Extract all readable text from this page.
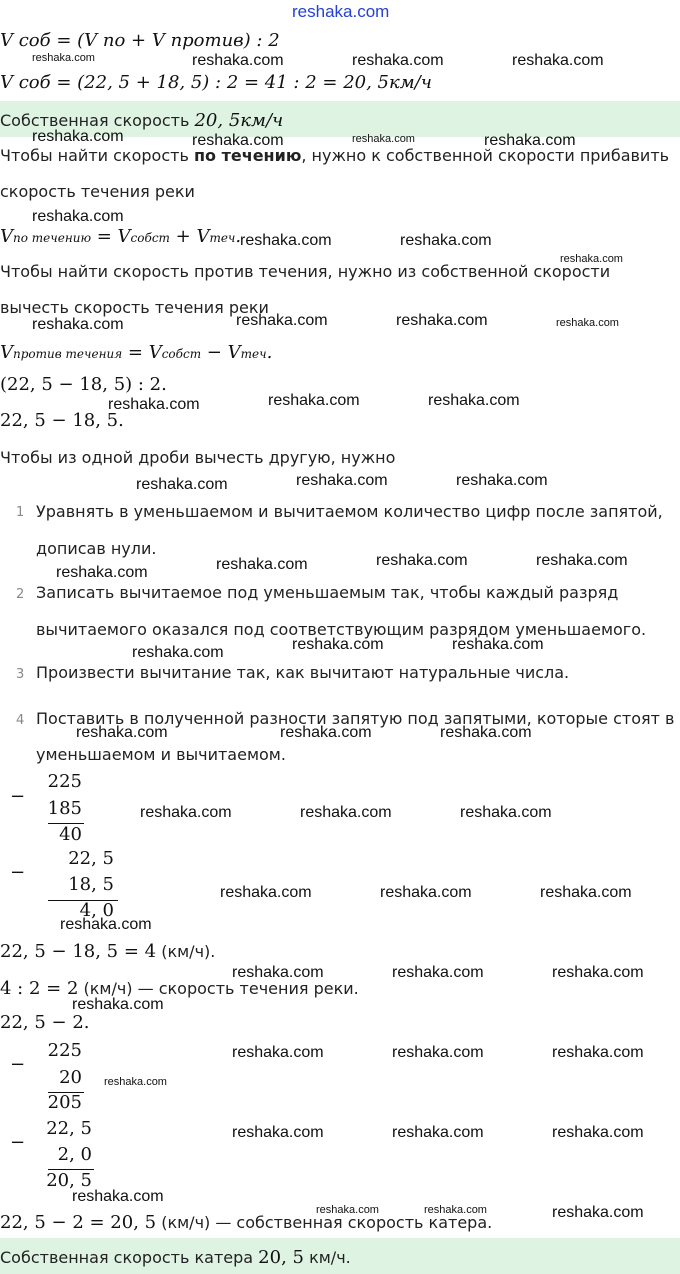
reshaka.com
V соб = (V по + V против) : 2
V соб = (22, 5 + 18, 5) : 2 = 41 : 2 = 20, 5км/ч
Собственная скорость 20, 5км/ч
Чтобы найти скорость по течению, нужно к собственной скорости прибавить
скорость течения реки
Vпо течению = Vсобст + Vтеч.
Чтобы найти скорость против течения, нужно из собственной скорости
вычесть скорость течения реки
Vпротив течения = Vсобст − Vтеч.
(22, 5 − 18, 5) : 2.
22, 5 − 18, 5.
Чтобы из одной дроби вычесть другую, нужно
1 Уравнять в уменьшаемом и вычитаемом количество цифр после запятой,
дописав нули.
2 Записать вычитаемое под уменьшаемым так, чтобы каждый разряд
вычитаемого оказался под соответствующим разрядом уменьшаемого.
3 Произвести вычитание так, как вычитают натуральные числа.
4 Поставить в полученной разности запятую под запятыми, которые стоят в
уменьшаемом и вычитаемом.
−
225
185
40
−
22, 5
18, 5
4, 0
22, 5 − 18, 5 = 4 (км/ч).
4 : 2 = 2 (км/ч) — скорость течения реки.
22, 5 − 2.
−
225
20
205
−
22, 5
2, 0
20, 5
22, 5 − 2 = 20, 5 (км/ч) — собственная скорость катера.
Собственная скорость катера 20, 5 км/ч.
reshaka.com	reshaka.com	reshaka.com	reshaka.com
reshaka.com	reshaka.com	reshaka.com	reshaka.com
reshaka.com
reshaka.com	reshaka.com
reshaka.com
reshaka.com	reshaka.com	reshaka.com	reshaka.com
reshaka.com	reshaka.com	reshaka.com
reshaka.com	reshaka.com	reshaka.com
reshaka.com	reshaka.com	reshaka.com	reshaka.com
reshaka.com	reshaka.com	reshaka.com
reshaka.com	reshaka.com	reshaka.com
reshaka.com	reshaka.com	reshaka.com
reshaka.com	reshaka.com	reshaka.com
reshaka.com
reshaka.com	reshaka.com	reshaka.com
reshaka.com
reshaka.com	reshaka.com	reshaka.com
reshaka.com
reshaka.com	reshaka.com	reshaka.com
reshaka.com
reshaka.com	reshaka.com	reshaka.com
